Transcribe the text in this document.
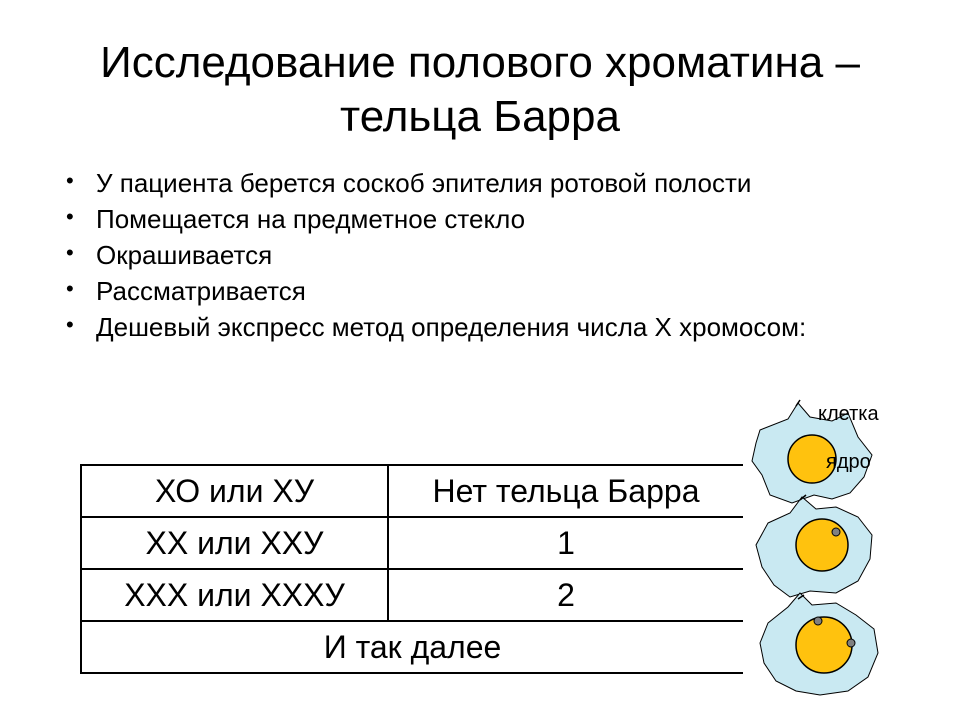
Исследование полового хроматина – тельца Барра
• У пациента берется соскоб эпителия ротовой полости
• Помещается на предметное стекло
• Окрашивается
• Рассматривается
• Дешевый экспресс метод определения числа Х хромосом:
ХО или ХУ	Нет тельца Барра
ХХ или ХХУ	1
ХХХ или ХХХУ	2
И так далее	
клетка
ядро
